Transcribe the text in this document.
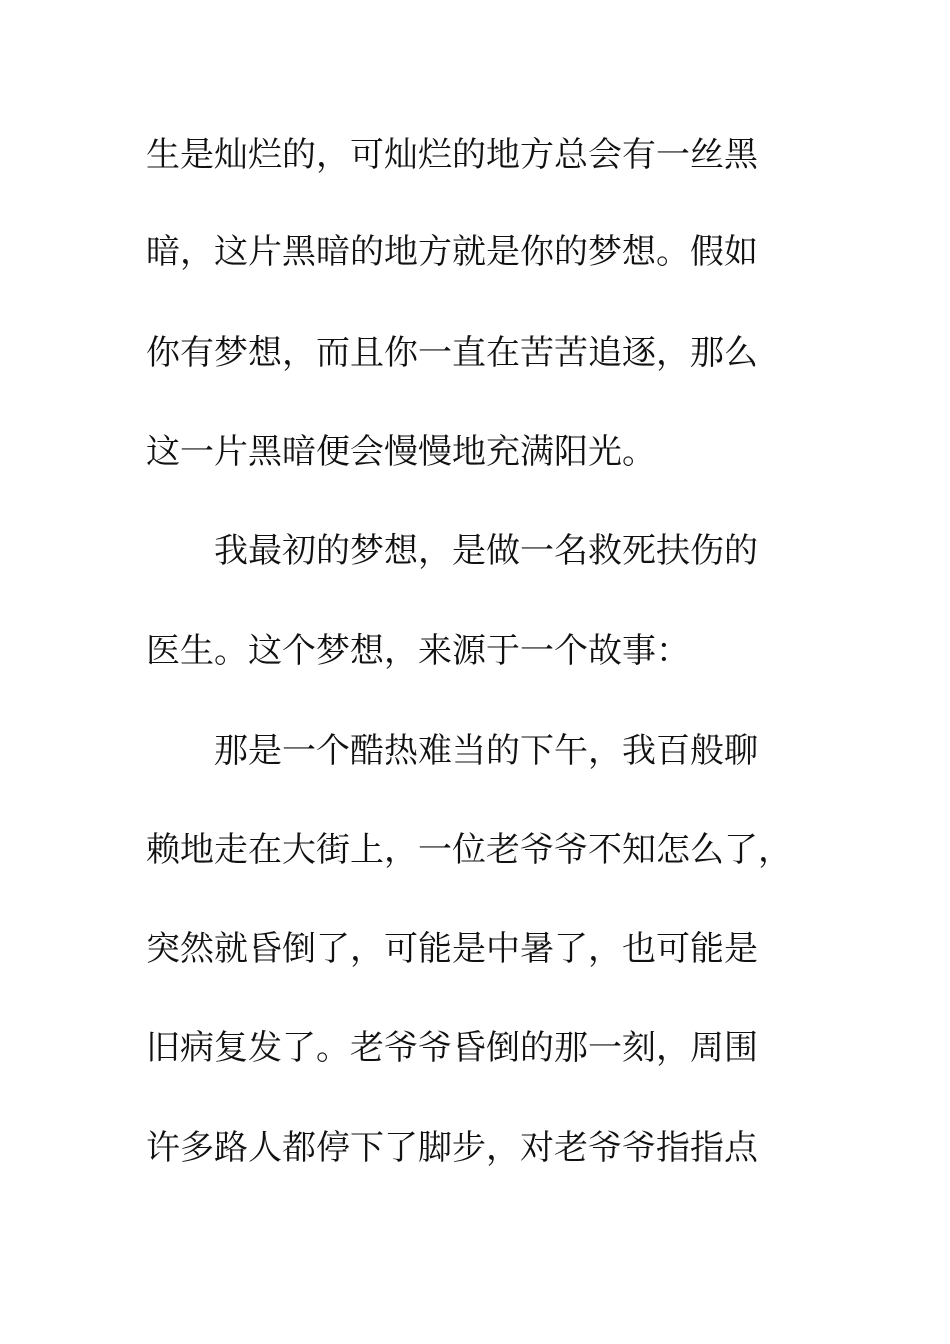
生是灿烂的，可灿烂的地方总会有一丝黑
暗，这片黑暗的地方就是你的梦想。假如
你有梦想，而且你一直在苦苦追逐，那么
这一片黑暗便会慢慢地充满阳光。
我最初的梦想，是做一名救死扶伤的
医生。这个梦想，来源于一个故事：
那是一个酷热难当的下午，我百般聊
赖地走在大街上，一位老爷爷不知怎么了，
突然就昏倒了，可能是中暑了，也可能是
旧病复发了。老爷爷昏倒的那一刻，周围
许多路人都停下了脚步，对老爷爷指指点
